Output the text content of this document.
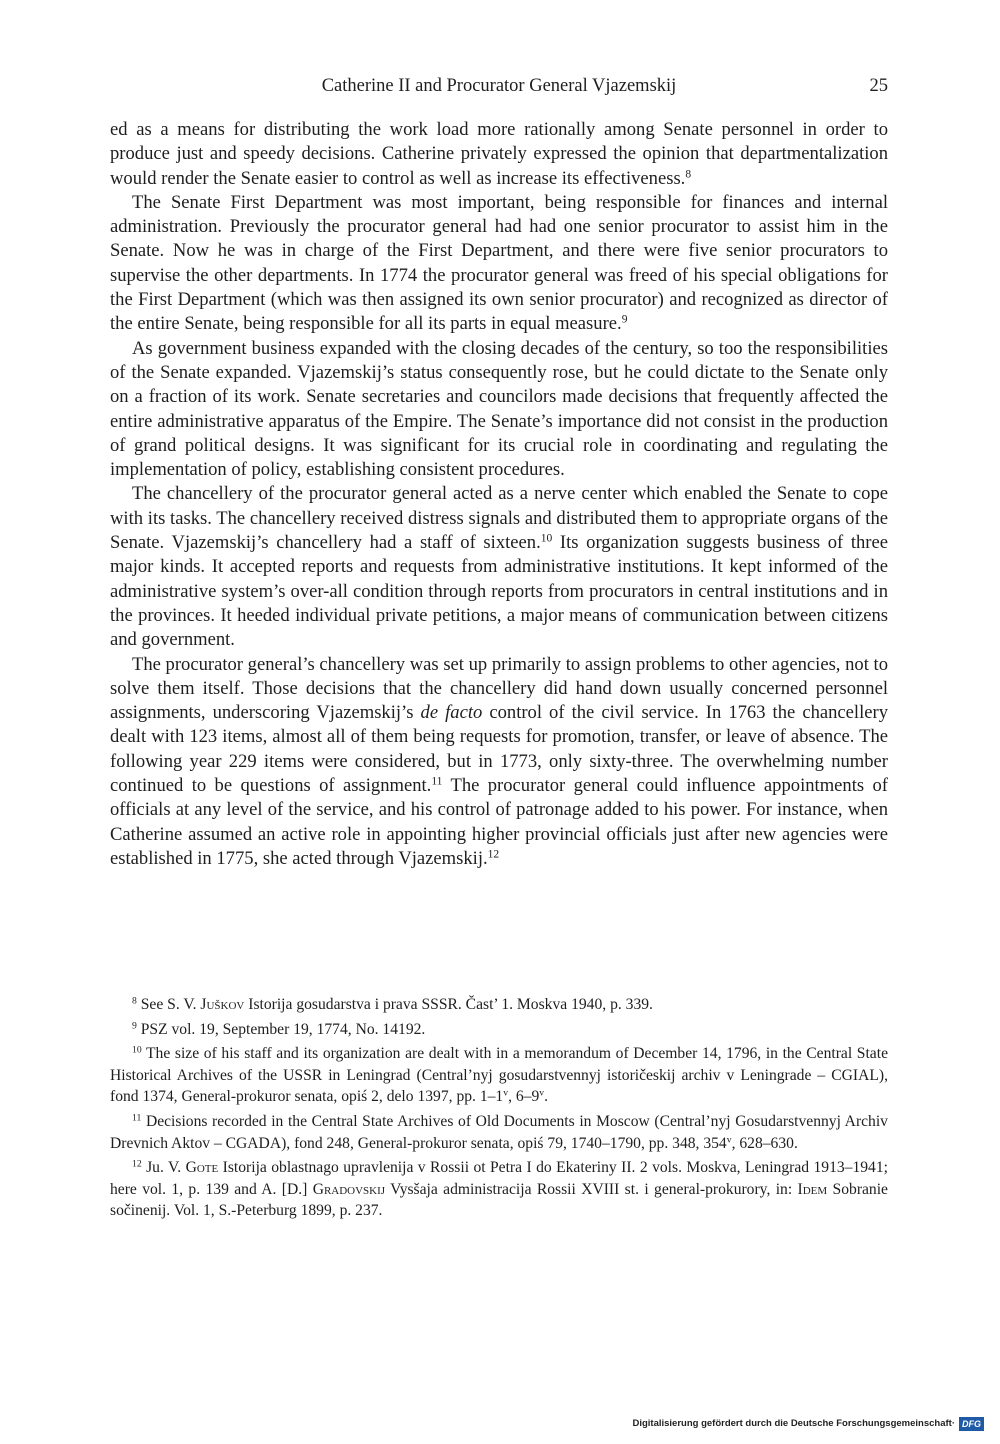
Catherine II and Procurator General Vjazemskij	25

ed as a means for distributing the work load more rationally among Senate personnel in order to produce just and speedy decisions. Catherine privately expressed the opinion that departmentalization would render the Senate easier to control as well as increase its effectiveness.$^8$

The Senate First Department was most important, being responsible for finances and internal administration. Previously the procurator general had had one senior procurator to assist him in the Senate. Now he was in charge of the First Department, and there were five senior procurators to supervise the other departments. In 1774 the procurator general was freed of his special obligations for the First Department (which was then assigned its own senior procurator) and recognized as director of the entire Senate, being responsible for all its parts in equal measure.$^9$

As government business expanded with the closing decades of the century, so too the responsibilities of the Senate expanded. Vjazemskij’s status consequently rose, but he could dictate to the Senate only on a fraction of its work. Senate secretaries and councilors made decisions that frequently affected the entire administrative apparatus of the Empire. The Senate’s importance did not consist in the production of grand political designs. It was significant for its crucial role in coordinating and regulating the implementation of policy, establishing consistent procedures.

The chancellery of the procurator general acted as a nerve center which enabled the Senate to cope with its tasks. The chancellery received distress signals and distributed them to appropriate organs of the Senate. Vjazemskij’s chancellery had a staff of sixteen.$^{10}$ Its organization suggests business of three major kinds. It accepted reports and requests from administrative institutions. It kept informed of the administrative system’s over-all condition through reports from procurators in central institutions and in the provinces. It heeded individual private petitions, a major means of communication between citizens and government.

The procurator general’s chancellery was set up primarily to assign problems to other agencies, not to solve them itself. Those decisions that the chancellery did hand down usually concerned personnel assignments, underscoring Vjazemskij’s de facto control of the civil service. In 1763 the chancellery dealt with 123 items, almost all of them being requests for promotion, transfer, or leave of absence. The following year 229 items were considered, but in 1773, only sixty-three. The overwhelming number continued to be questions of assignment.$^{11}$ The procurator general could influence appointments of officials at any level of the service, and his control of patronage added to his power. For instance, when Catherine assumed an active role in appointing higher provincial officials just after new agencies were established in 1775, she acted through Vjazemskij.$^{12}$

$^8$ See S. V. Juškov Istorija gosudarstva i prava SSSR. Čast’ 1. Moskva 1940, p. 339.

$^9$ PSZ vol. 19, September 19, 1774, No. 14192.

$^{10}$ The size of his staff and its organization are dealt with in a memorandum of December 14, 1796, in the Central State Historical Archives of the USSR in Leningrad (Central’nyj gosudarstvennyj istoričeskij archiv v Leningrade – CGIAL), fond 1374, General-prokuror senata, opiś 2, delo 1397, pp. 1–1$^v$, 6–9$^v$.

$^{11}$ Decisions recorded in the Central State Archives of Old Documents in Moscow (Central’nyj Gosudarstvennyj Archiv Drevnich Aktov – CGADA), fond 248, General-prokuror senata, opiś 79, 1740–1790, pp. 348, 354$^v$, 628–630.

$^{12}$ Ju. V. Gote Istorija oblastnago upravlenija v Rossii ot Petra I do Ekateriny II. 2 vols. Moskva, Leningrad 1913–1941; here vol. 1, p. 139 and A. [D.] Gradovskij Vysšaja administracija Rossii XVIII st. i general-prokurory, in: Idem Sobranie sočinenij. Vol. 1, S.-Peterburg 1899, p. 237.

Digitalisierung gefördert durch die Deutsche Forschungsgemeinschaft · DFG
